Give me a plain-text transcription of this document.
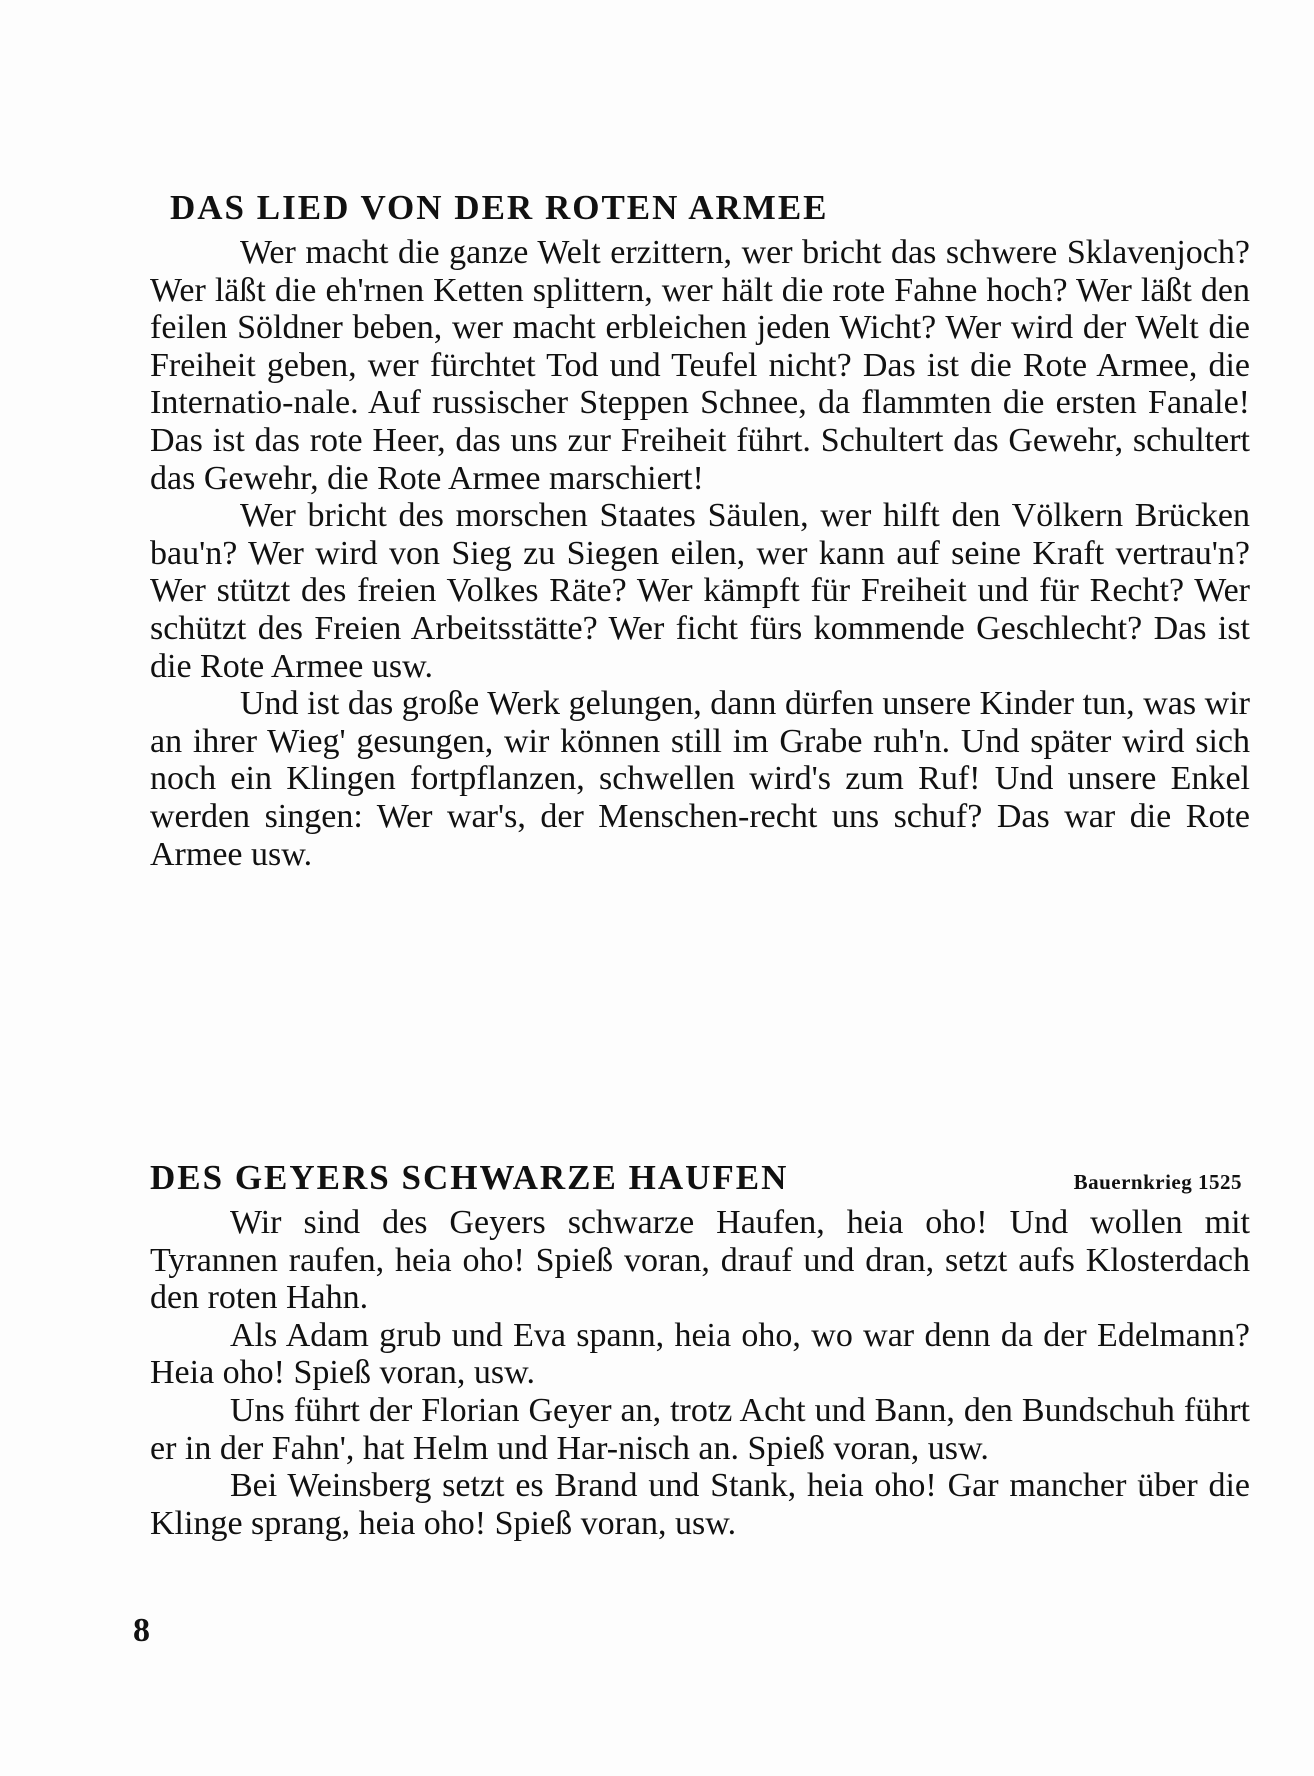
DAS LIED VON DER ROTEN ARMEE

Wer macht die ganze Welt erzittern, wer bricht das schwere Sklavenjoch? Wer läßt die eh'rnen Ketten splittern, wer hält die rote Fahne hoch? Wer läßt den feilen Söldner beben, wer macht erbleichen jeden Wicht? Wer wird der Welt die Freiheit geben, wer fürchtet Tod und Teufel nicht? Das ist die Rote Armee, die Internatio-nale. Auf russischer Steppen Schnee, da flammten die ersten Fanale! Das ist das rote Heer, das uns zur Freiheit führt. Schultert das Gewehr, schultert das Gewehr, die Rote Armee marschiert!

Wer bricht des morschen Staates Säulen, wer hilft den Völkern Brücken bau'n? Wer wird von Sieg zu Siegen eilen, wer kann auf seine Kraft vertrau'n? Wer stützt des freien Volkes Räte? Wer kämpft für Freiheit und für Recht? Wer schützt des Freien Arbeitsstätte? Wer ficht fürs kommende Geschlecht? Das ist die Rote Armee usw.

Und ist das große Werk gelungen, dann dürfen unsere Kinder tun, was wir an ihrer Wieg' gesungen, wir können still im Grabe ruh'n. Und später wird sich noch ein Klingen fortpflanzen, schwellen wird's zum Ruf! Und unsere Enkel werden singen: Wer war's, der Menschen-recht uns schuf? Das war die Rote Armee usw.

DES GEYERS SCHWARZE HAUFEN	Bauernkrieg 1525

Wir sind des Geyers schwarze Haufen, heia oho! Und wollen mit Tyrannen raufen, heia oho! Spieß voran, drauf und dran, setzt aufs Klosterdach den roten Hahn.

Als Adam grub und Eva spann, heia oho, wo war denn da der Edelmann? Heia oho! Spieß voran, usw.

Uns führt der Florian Geyer an, trotz Acht und Bann, den Bundschuh führt er in der Fahn', hat Helm und Har-nisch an. Spieß voran, usw.

Bei Weinsberg setzt es Brand und Stank, heia oho! Gar mancher über die Klinge sprang, heia oho! Spieß voran, usw.

8
